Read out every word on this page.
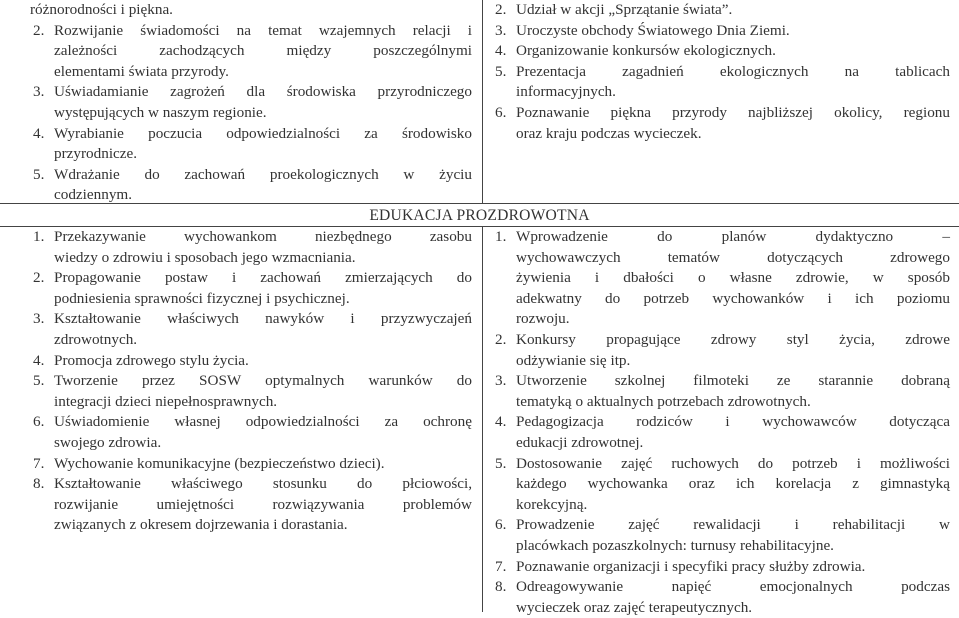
różnorodności i piękna.
2. Rozwijanie świadomości na temat wzajemnych relacji i
zależności zachodzących między poszczególnymi
elementami świata przyrody.
3. Uświadamianie zagrożeń dla środowiska przyrodniczego
występujących w naszym regionie.
4. Wyrabianie poczucia odpowiedzialności za środowisko
przyrodnicze.
5. Wdrażanie do zachowań proekologicznych w życiu
codziennym.
2. Udział w akcji „Sprzątanie świata”.
3. Uroczyste obchody Światowego Dnia Ziemi.
4. Organizowanie konkursów ekologicznych.
5. Prezentacja zagadnień ekologicznych na tablicach
informacyjnych.
6. Poznawanie piękna przyrody najbliższej okolicy, regionu
oraz kraju podczas wycieczek.
EDUKACJA PROZDROWOTNA
1. Przekazywanie wychowankom niezbędnego zasobu
wiedzy o zdrowiu i sposobach jego wzmacniania.
2. Propagowanie postaw i zachowań zmierzających do
podniesienia sprawności fizycznej i psychicznej.
3. Kształtowanie właściwych nawyków i przyzwyczajeń
zdrowotnych.
4. Promocja zdrowego stylu życia.
5. Tworzenie przez SOSW optymalnych warunków do
integracji dzieci niepełnosprawnych.
6. Uświadomienie własnej odpowiedzialności za ochronę
swojego zdrowia.
7. Wychowanie komunikacyjne (bezpieczeństwo dzieci).
8. Kształtowanie właściwego stosunku do płciowości,
rozwijanie umiejętności rozwiązywania problemów
związanych z okresem dojrzewania i dorastania.
1. Wprowadzenie do planów dydaktyczno –
wychowawczych tematów dotyczących zdrowego
żywienia i dbałości o własne zdrowie, w sposób
adekwatny do potrzeb wychowanków i ich poziomu
rozwoju.
2. Konkursy propagujące zdrowy styl życia, zdrowe
odżywianie się itp.
3. Utworzenie szkolnej filmoteki ze starannie dobraną
tematyką o aktualnych potrzebach zdrowotnych.
4. Pedagogizacja rodziców i wychowawców dotycząca
edukacji zdrowotnej.
5. Dostosowanie zajęć ruchowych do potrzeb i możliwości
każdego wychowanka oraz ich korelacja z gimnastyką
korekcyjną.
6. Prowadzenie zajęć rewalidacji i rehabilitacji w
placówkach pozaszkolnych: turnusy rehabilitacyjne.
7. Poznawanie organizacji i specyfiki pracy służby zdrowia.
8. Odreagowywanie napięć emocjonalnych podczas
wycieczek oraz zajęć terapeutycznych.
